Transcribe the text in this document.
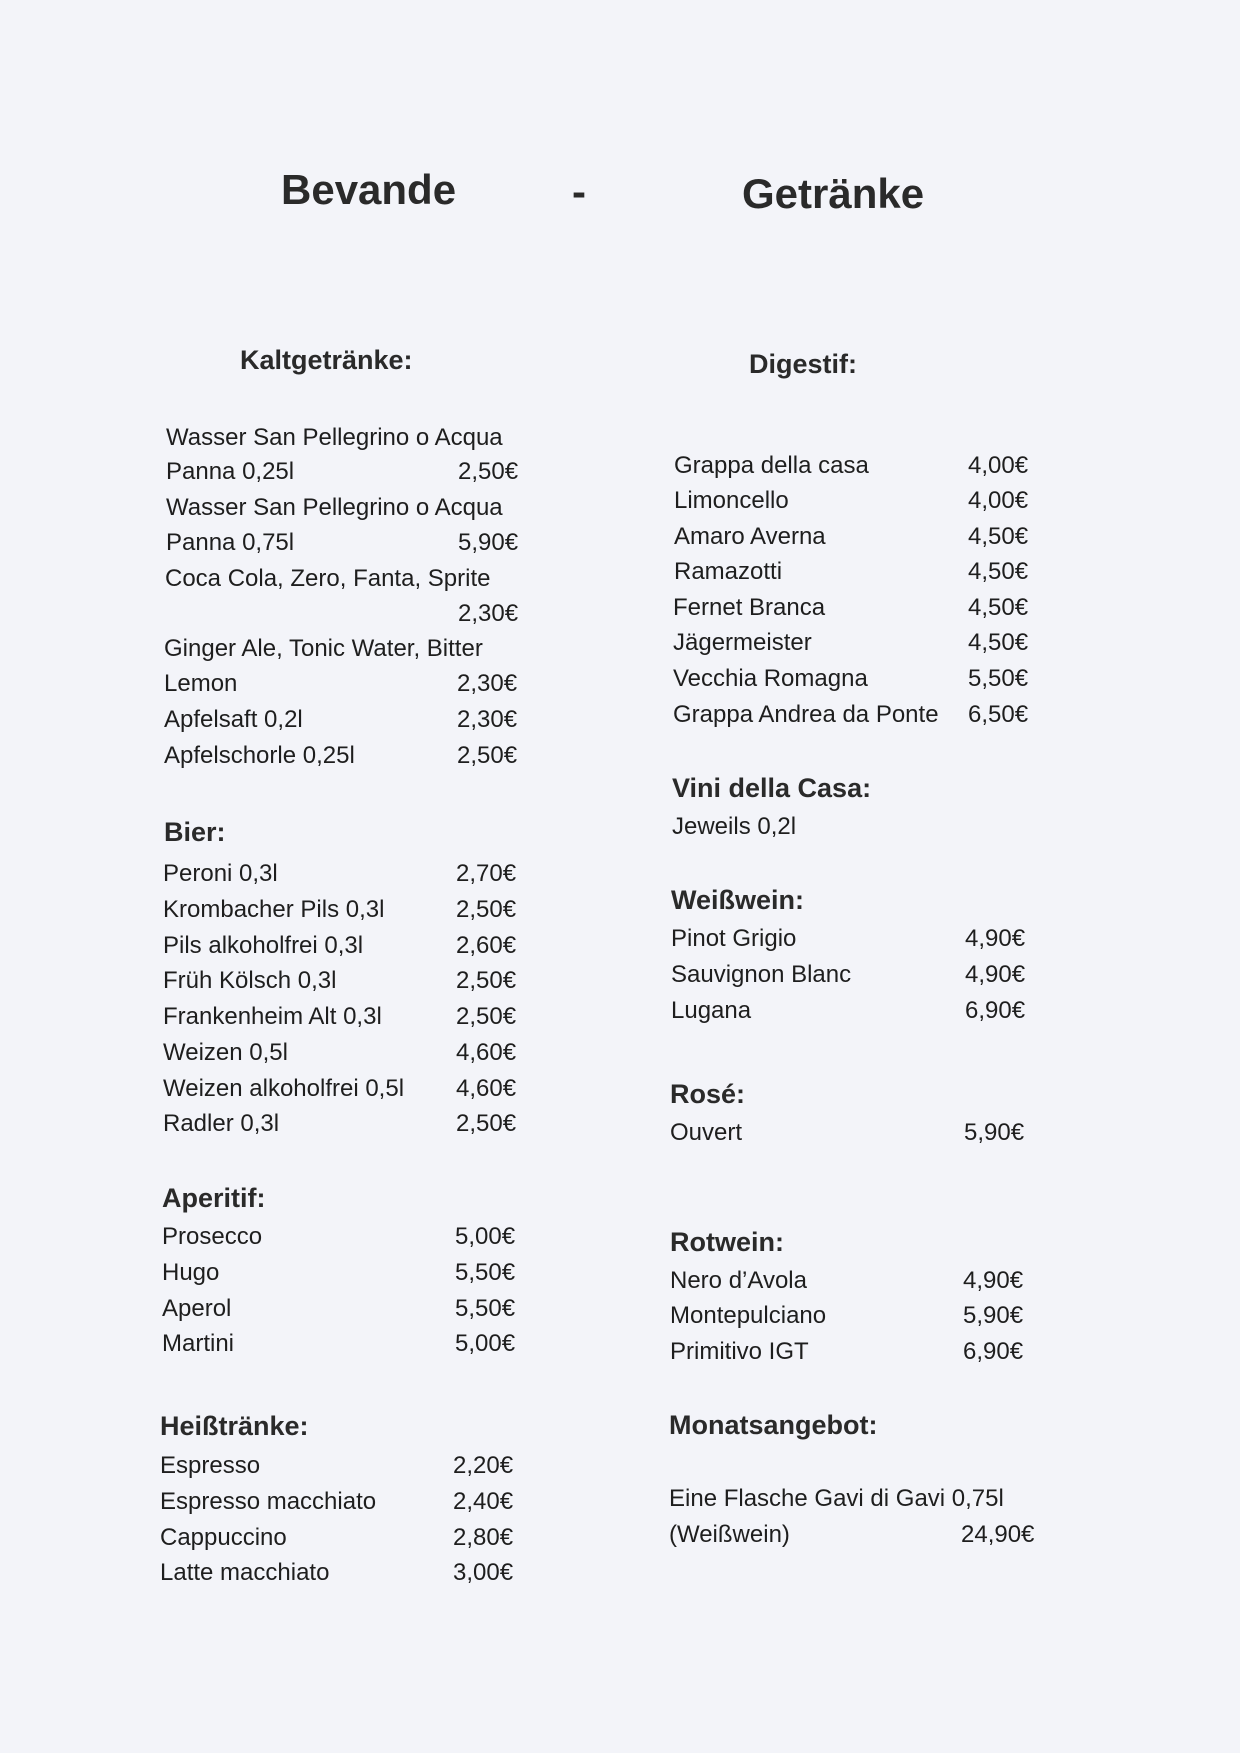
Bevande	-	Getränke
Kaltgetränke:
Wasser San Pellegrino o Acqua
Panna 0,25l	2,50€
Wasser San Pellegrino o Acqua
Panna 0,75l	5,90€
Coca Cola, Zero, Fanta, Sprite
2,30€
Ginger Ale, Tonic Water, Bitter
Lemon	2,30€
Apfelsaft 0,2l	2,30€
Apfelschorle 0,25l	2,50€
Bier:
Peroni 0,3l	2,70€
Krombacher Pils 0,3l	2,50€
Pils alkoholfrei 0,3l	2,60€
Früh Kölsch 0,3l	2,50€
Frankenheim Alt 0,3l	2,50€
Weizen 0,5l	4,60€
Weizen alkoholfrei 0,5l 4,60€
Radler 0,3l	2,50€
Aperitif:
Prosecco	5,00€
Hugo	5,50€
Aperol	5,50€
Martini	5,00€
Heißtränke:
Espresso	2,20€
Espresso macchiato	2,40€
Cappuccino	2,80€
Latte macchiato	3,00€
Digestif:
Grappa della casa	4,00€
Limoncello	4,00€
Amaro Averna	4,50€
Ramazotti	4,50€
Fernet Branca	4,50€
Jägermeister	4,50€
Vecchia Romagna	5,50€
Grappa Andrea da Ponte 6,50€
Vini della Casa:
Jeweils 0,2l
Weißwein:
Pinot Grigio	4,90€
Sauvignon Blanc	4,90€
Lugana	6,90€
Rosé:
Ouvert	5,90€
Rotwein:
Nero d’Avola	4,90€
Montepulciano	5,90€
Primitivo IGT	6,90€
Monatsangebot:
Eine Flasche Gavi di Gavi 0,75l
(Weißwein)	24,90€
